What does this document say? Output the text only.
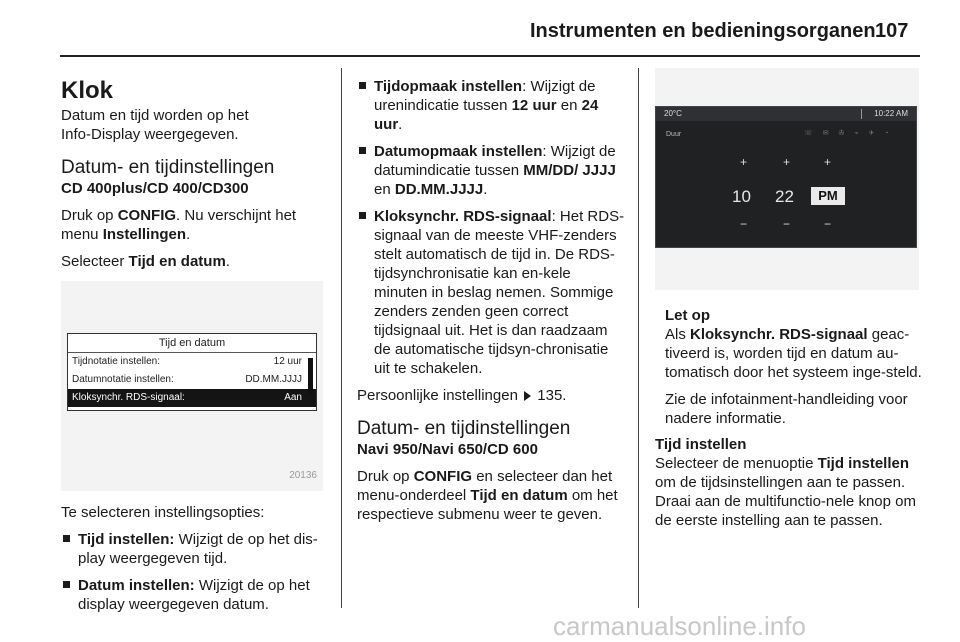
Instrumenten en bedieningsorganen 107
Klok

Datum en tijd worden op het
Info-Display weergegeven.

Datum- en tijdinstellingen
CD 400plus/CD 400/CD300

Druk op CONFIG. Nu verschijnt het menu Instellingen.

Selecteer Tijd en datum.

Tijd en datum
Tijdnotatie instellen:	12 uur
Datumnotatie instellen:	DD.MM.JJJJ
Kloksynchr. RDS-signaal:	Aan
20136

Te selecteren instellingsopties:

Tijd instellen: Wijzigt de op het dis-play weergegeven tijd.
Datum instellen: Wijzigt de op het display weergegeven datum.
Tijdopmaak instellen: Wijzigt de urenindicatie tussen 12 uur en 24 uur.
Datumopmaak instellen: Wijzigt de datumindicatie tussen MM/DD/ JJJJ en DD.MM.JJJJ.
Kloksynchr. RDS-signaal: Het RDS-signaal van de meeste VHF-zenders stelt automatisch de tijd in. De RDS-tijdsynchronisatie kan en-kele minuten in beslag nemen. Sommige zenders zenden geen correct tijdsignaal uit. Het is dan raadzaam de automatische tijdsyn-chronisatie uit te schakelen.

Persoonlijke instellingen  135.

Datum- en tijdinstellingen
Navi 950/Navi 650/CD 600

Druk op CONFIG en selecteer dan het menu-onderdeel Tijd en datum om het respectieve submenu weer te geven.

20°C	10:22 AM
Duur	☏ ✉ ✇ ⌁ ✈ ◔
+	+	+
10 22	PM
−	−	−

Let op

Als Kloksynchr. RDS-signaal geac-tiveerd is, worden tijd en datum au-tomatisch door het systeem inge-steld.

Zie de infotainment-handleiding voor nadere informatie.

Tijd instellen

Selecteer de menuoptie Tijd instellen om de tijdsinstellingen aan te passen. Draai aan de multifunctio-nele knop om de eerste instelling aan te passen.

carmanualsonline.info
